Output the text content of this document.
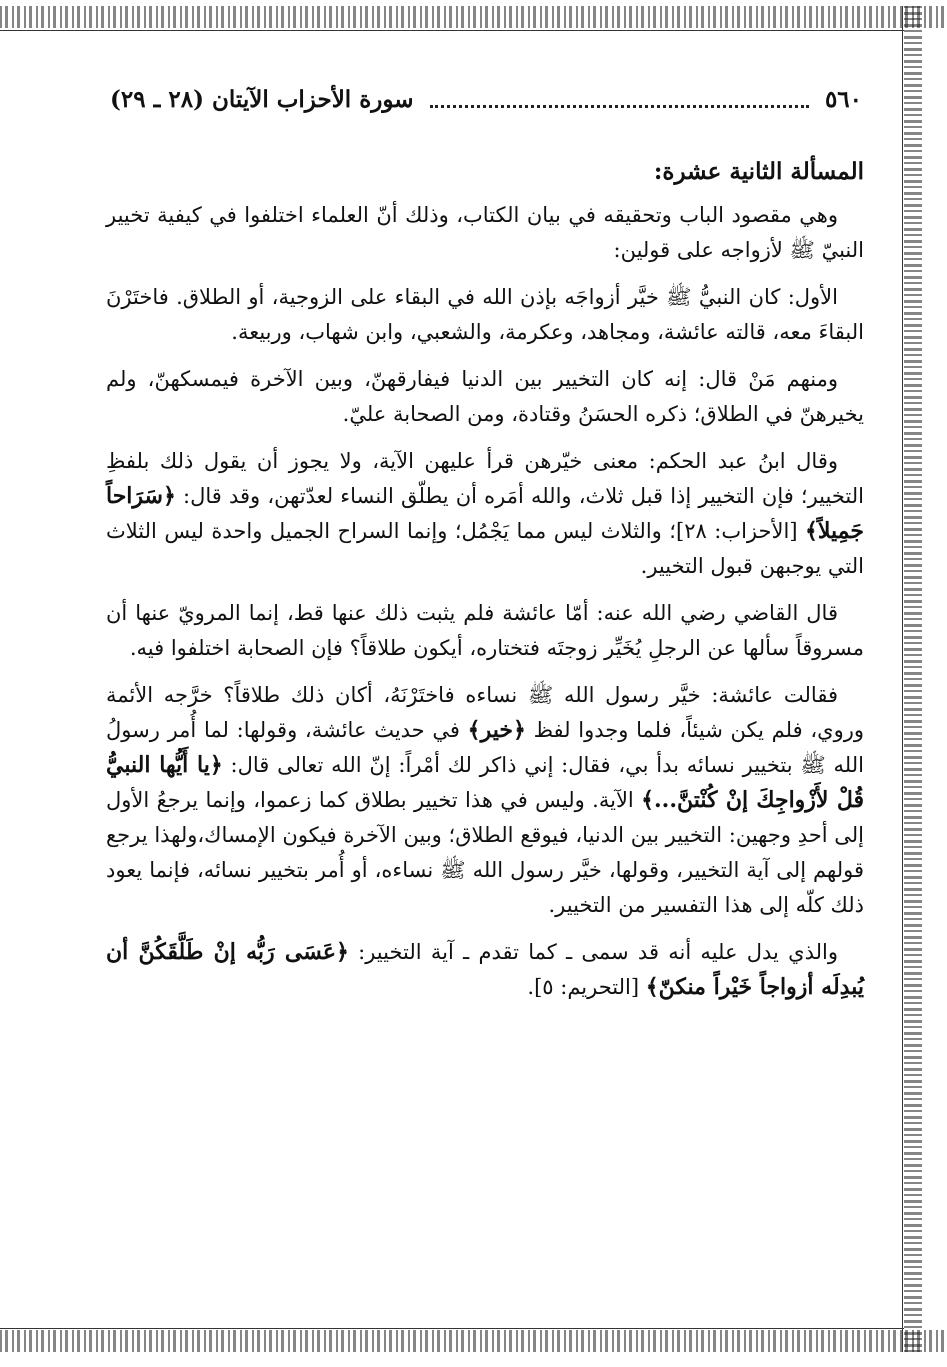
٥٦٠
سورة الأحزاب الآيتان (٢٨ ـ ٢٩)
المسألة الثانية عشرة:

وهي مقصود الباب وتحقيقه في بيان الكتاب، وذلك أنّ العلماء اختلفوا في كيفية تخيير النبيّ ﷺ لأزواجه على قولين:

الأول: كان النبيُّ ﷺ خيَّر أزواجَه بإذن الله في البقاء على الزوجية، أو الطلاق. فاختَرْنَ البقاءَ معه، قالته عائشة، ومجاهد، وعكرمة، والشعبي، وابن شهاب، وربيعة.

ومنهم مَنْ قال: إنه كان التخيير بين الدنيا فيفارقهنّ، وبين الآخرة فيمسكهنّ، ولم يخيرهنّ في الطلاق؛ ذكره الحسَنُ وقتادة، ومن الصحابة عليّ.

وقال ابنُ عبد الحكم: معنى خيّرهن قرأ عليهن الآية، ولا يجوز أن يقول ذلك بلفظِ التخيير؛ فإن التخيير إذا قبل ثلاث، والله أمَره أن يطلّق النساء لعدّتهن، وقد قال: ﴿سَرَاحاً جَمِيلاً﴾ [الأحزاب: ٢٨]؛ والثلاث ليس مما يَجْمُل؛ وإنما السراح الجميل واحدة ليس الثلاث التي يوجبهن قبول التخيير.

قال القاضي رضي الله عنه: أمّا عائشة فلم يثبت ذلك عنها قط، إنما المرويّ عنها أن مسروقاً سألها عن الرجلِ يُخَيِّر زوجتَه فتختاره، أيكون طلاقاً؟ فإن الصحابة اختلفوا فيه.

فقالت عائشة: خيَّر رسول الله ﷺ نساءه فاختَرْنَهُ، أكان ذلك طلاقاً؟ خرَّجه الأئمة وروي، فلم يكن شيئاً، فلما وجدوا لفظ ﴿خير﴾ في حديث عائشة، وقولها: لما أُمر رسولُ الله ﷺ بتخيير نسائه بدأ بي، فقال: إني ذاكر لك أمْراً: إنّ الله تعالى قال: ﴿يا أَيُّها النبيُّ قُلْ لأَزْواجِكَ إنْ كُنْتنَّ...﴾ الآية. وليس في هذا تخيير بطلاق كما زعموا، وإنما يرجعُ الأول إلى أحدِ وجهين: التخيير بين الدنيا، فيوقع الطلاق؛ وبين الآخرة فيكون الإمساك،ولهذا يرجع قولهم إلى آية التخيير، وقولها، خيَّر رسول الله ﷺ نساءه، أو أُمر بتخيير نسائه، فإنما يعود ذلك كلّه إلى هذا التفسير من التخيير.

والذي يدل عليه أنه قد سمى ـ كما تقدم ـ آية التخيير: ﴿عَسَى رَبُّه إنْ طَلَّقَكُنَّ أن يُبدِلَه أزواجاً خَيْراً منكنّ﴾ [التحريم: ٥].
